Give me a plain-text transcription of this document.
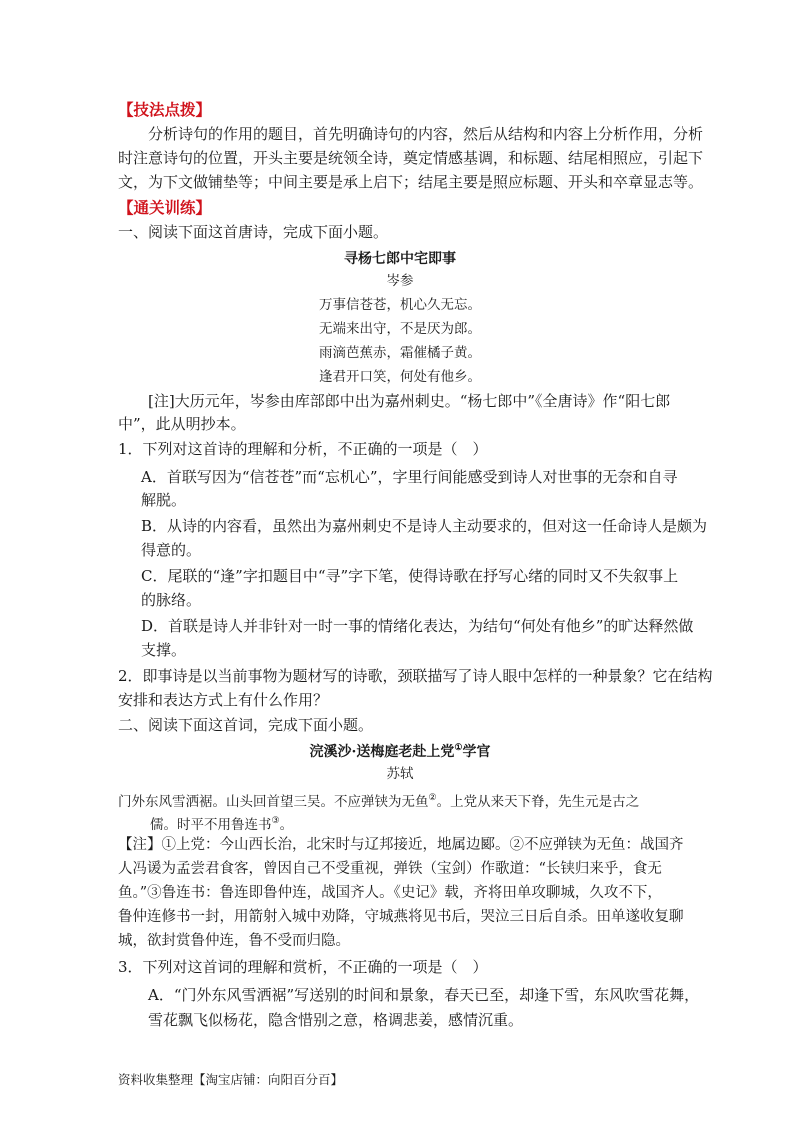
【技法点拨】
分析诗句的作用的题目，首先明确诗句的内容，然后从结构和内容上分析作用，分析
时注意诗句的位置，开头主要是统领全诗，奠定情感基调，和标题、结尾相照应，引起下
文，为下文做铺垫等；中间主要是承上启下；结尾主要是照应标题、开头和卒章显志等。
【通关训练】
一、阅读下面这首唐诗，完成下面小题。
寻杨七郎中宅即事
岑参
万事信苍苍，机心久无忘。
无端来出守，不是厌为郎。
雨滴芭蕉赤，霜催橘子黄。
逢君开口笑，何处有他乡。
[注]大历元年，岑参由库部郎中出为嘉州刺史。“杨七郎中”《全唐诗》作“阳七郎
中”，此从明抄本。
1．下列对这首诗的理解和分析，不正确的一项是（　）
A．首联写因为“信苍苍”而“忘机心”，字里行间能感受到诗人对世事的无奈和自寻
解脱。
B．从诗的内容看，虽然出为嘉州刺史不是诗人主动要求的，但对这一任命诗人是颇为
得意的。
C．尾联的“逢”字扣题目中“寻”字下笔，使得诗歌在抒写心绪的同时又不失叙事上
的脉络。
D．首联是诗人并非针对一时一事的情绪化表达，为结句“何处有他乡”的旷达释然做
支撑。
2．即事诗是以当前事物为题材写的诗歌，颈联描写了诗人眼中怎样的一种景象？它在结构
安排和表达方式上有什么作用？
二、阅读下面这首词，完成下面小题。
浣溪沙·送梅庭老赴上党①学官
苏轼
门外东风雪洒裾。山头回首望三吴。不应弹铗为无鱼②。上党从来天下脊，先生元是古之
儒。时平不用鲁连书③。
【注】①上党：今山西长治，北宋时与辽邦接近，地属边郾。②不应弹铗为无鱼：战国齐
人冯谖为孟尝君食客，曾因自己不受重视，弹铁（宝剑）作歌道：“长铗归来乎，食无
鱼。”③鲁连书：鲁连即鲁仲连，战国齐人。《史记》载，齐将田单攻聊城，久攻不下，
鲁仲连修书一封，用箭射入城中劝降，守城燕将见书后，哭泣三日后自杀。田单遂收复聊
城，欲封赏鲁仲连，鲁不受而归隐。
3．下列对这首词的理解和赏析，不正确的一项是（　）
A．“门外东风雪洒裾”写送别的时间和景象，春天已至，却逢下雪，东风吹雪花舞，
雪花飘飞似杨花，隐含惜别之意，格调悲姜，感情沉重。
资料收集整理【淘宝店铺：向阳百分百】
